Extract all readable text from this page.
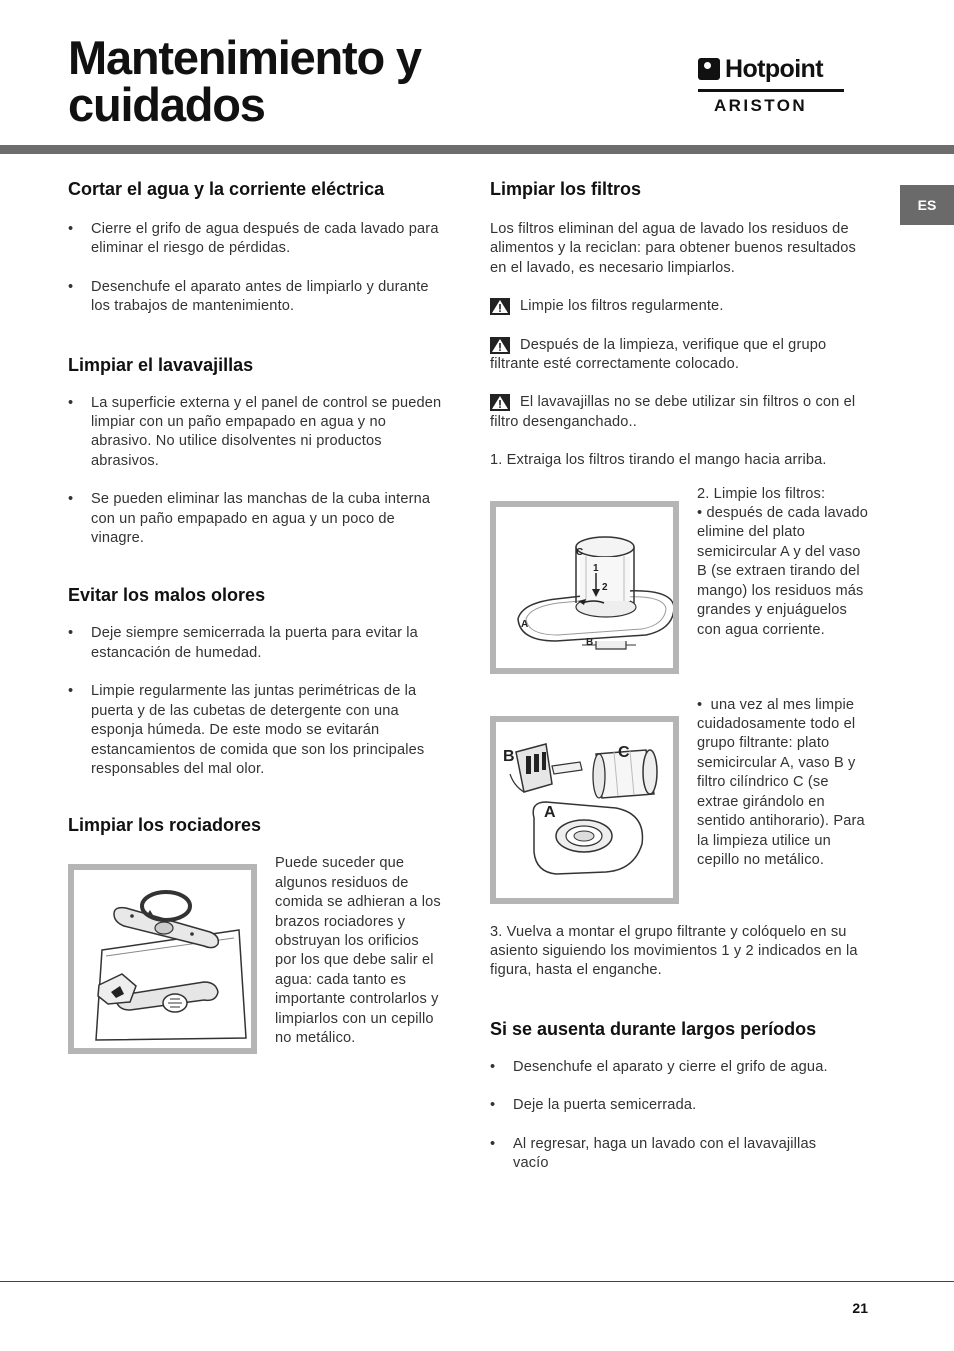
Mantenimiento y
cuidados
Hotpoint
ARISTON
ES
Cortar el agua y la corriente eléctrica
• Cierre el grifo de agua después de cada lavado para eliminar el riesgo de pérdidas.
• Desenchufe el aparato antes de limpiarlo y durante los trabajos de mantenimiento.
Limpiar el lavavajillas
• La superficie externa y el panel de control se pueden limpiar con un paño empapado en agua y no abrasivo. No utilice disolventes ni productos abrasivos.
• Se pueden eliminar las manchas de la cuba interna con un paño empapado en agua y un poco de vinagre.
Evitar los malos olores
• Deje siempre semicerrada la puerta para evitar la estancación de humedad.
• Limpie regularmente las juntas perimétricas de la puerta y de las cubetas de detergente con una esponja húmeda. De este modo se evitarán estancamientos de comida que son los principales responsables del mal olor.
Limpiar los rociadores

Puede suceder que algunos residuos de comida se adhieran a los brazos rociadores y obstruyan los orificios por los que debe salir el agua: cada tanto es importante controlarlos y limpiarlos con un cepillo no metálico.

Limpiar los filtros

Los filtros eliminan del agua de lavado los residuos de alimentos y la reciclan: para obtener buenos resultados en el lavado, es necesario limpiarlos.

Limpie los filtros regularmente.

Después de la limpieza, verifique que el grupo filtrante esté correctamente colocado.

El lavavajillas no se debe utilizar sin filtros o con el filtro desenganchado..

1. Extraiga los filtros tirando el mango hacia arriba.

C
1
2
A
B

2. Limpie los filtros:

• después de cada lavado elimine del plato semicircular A y del vaso B (se extraen tirando del mango) los residuos más grandes y enjuáguelos con agua corriente.

B	C
A

•  una vez al mes limpie cuidadosamente todo el grupo filtrante: plato semicircular A, vaso B y filtro cilíndrico C (se extrae girándolo en sentido antihorario). Para la limpieza utilice un cepillo no metálico.

3. Vuelva a montar el grupo filtrante y colóquelo en su asiento siguiendo los movimientos 1 y 2 indicados en la figura, hasta el enganche.

Si se ausenta durante largos períodos
• Desenchufe el aparato y cierre el grifo de agua.
• Deje la puerta semicerrada.
• Al regresar, haga un lavado con el lavavajillas vacío
21
